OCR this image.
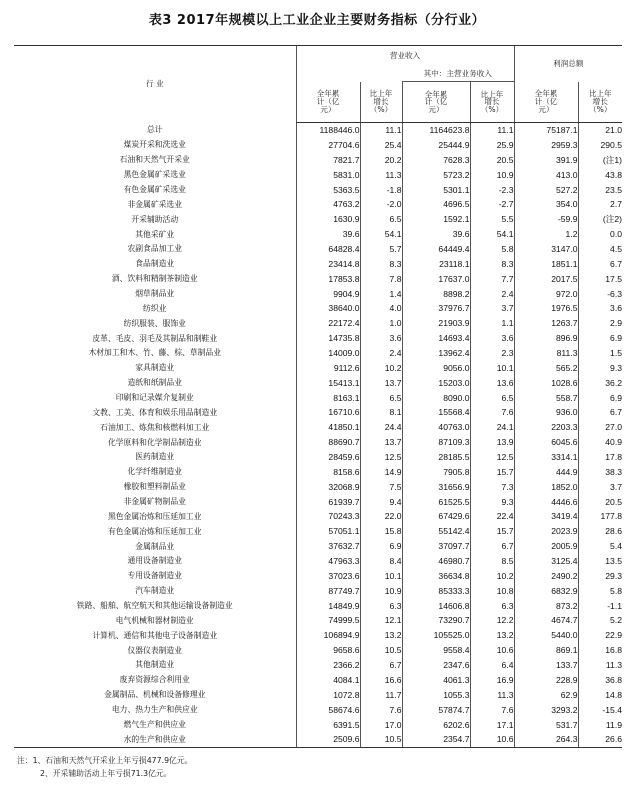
表3 2017年规模以上工业企业主要财务指标（分行业）
行 业	营业收入				利润总额	
			其中：主营业务收入			
	全年累计（亿元）	比上年增长（%）	全年累计（亿元）	比上年增长（%）	全年累计（亿元）	比上年增长（%）
总计	1188446.0	11.1	1164623.8	11.1	75187.1	21.0
煤炭开采和洗选业	27704.6	25.4	25444.9	25.9	2959.3	290.5
石油和天然气开采业	7821.7	20.2	7628.3	20.5	391.9	(注1)
黑色金属矿采选业	5831.0	11.3	5723.2	10.9	413.0	43.8
有色金属矿采选业	5363.5	-1.8	5301.1	-2.3	527.2	23.5
非金属矿采选业	4763.2	-2.0	4696.5	-2.7	354.0	2.7
开采辅助活动	1630.9	6.5	1592.1	5.5	-59.9	(注2)
其他采矿业	39.6	54.1	39.6	54.1	1.2	0.0
农副食品加工业	64828.4	5.7	64449.4	5.8	3147.0	4.5
食品制造业	23414.8	8.3	23118.1	8.3	1851.1	6.7
酒、饮料和精制茶制造业	17853.8	7.8	17637.0	7.7	2017.5	17.5
烟草制品业	9904.9	1.4	8898.2	2.4	972.0	-6.3
纺织业	38640.0	4.0	37976.7	3.7	1976.5	3.6
纺织服装、服饰业	22172.4	1.0	21903.9	1.1	1263.7	2.9
皮革、毛皮、羽毛及其制品和制鞋业	14735.8	3.6	14693.4	3.6	896.9	6.9
木材加工和木、竹、藤、棕、草制品业	14009.0	2.4	13962.4	2.3	811.3	1.5
家具制造业	9112.6	10.2	9056.0	10.1	565.2	9.3
造纸和纸制品业	15413.1	13.7	15203.0	13.6	1028.6	36.2
印刷和记录媒介复制业	8163.1	6.5	8090.0	6.5	558.7	6.9
文教、工美、体育和娱乐用品制造业	16710.6	8.1	15568.4	7.6	936.0	6.7
石油加工、炼焦和核燃料加工业	41850.1	24.4	40763.0	24.1	2203.3	27.0
化学原料和化学制品制造业	88690.7	13.7	87109.3	13.9	6045.6	40.9
医药制造业	28459.6	12.5	28185.5	12.5	3314.1	17.8
化学纤维制造业	8158.6	14.9	7905.8	15.7	444.9	38.3
橡胶和塑料制品业	32068.9	7.5	31656.9	7.3	1852.0	3.7
非金属矿物制品业	61939.7	9.4	61525.5	9.3	4446.6	20.5
黑色金属冶炼和压延加工业	70243.3	22.0	67429.6	22.4	3419.4	177.8
有色金属冶炼和压延加工业	57051.1	15.8	55142.4	15.7	2023.9	28.6
金属制品业	37632.7	6.9	37097.7	6.7	2005.9	5.4
通用设备制造业	47963.3	8.4	46980.7	8.5	3125.4	13.5
专用设备制造业	37023.6	10.1	36634.8	10.2	2490.2	29.3
汽车制造业	87749.7	10.9	85333.3	10.8	6832.9	5.8
铁路、船舶、航空航天和其他运输设备制造业	14849.9	6.3	14606.8	6.3	873.2	-1.1
电气机械和器材制造业	74999.5	12.1	73290.7	12.2	4674.7	5.2
计算机、通信和其他电子设备制造业	106894.9	13.2	105525.0	13.2	5440.0	22.9
仪器仪表制造业	9658.6	10.5	9558.4	10.6	869.1	16.8
其他制造业	2366.2	6.7	2347.6	6.4	133.7	11.3
废弃资源综合利用业	4084.1	16.6	4061.3	16.9	228.9	36.8
金属制品、机械和设备修理业	1072.8	11.7	1055.3	11.3	62.9	14.8
电力、热力生产和供应业	58674.6	7.6	57874.7	7.6	3293.2	-15.4
燃气生产和供应业	6391.5	17.0	6202.6	17.1	531.7	11.9
水的生产和供应业	2509.6	10.5	2354.7	10.6	264.3	26.6
注：1、石油和天然气开采业上年亏损477.9亿元。
2、开采辅助活动上年亏损71.3亿元。
